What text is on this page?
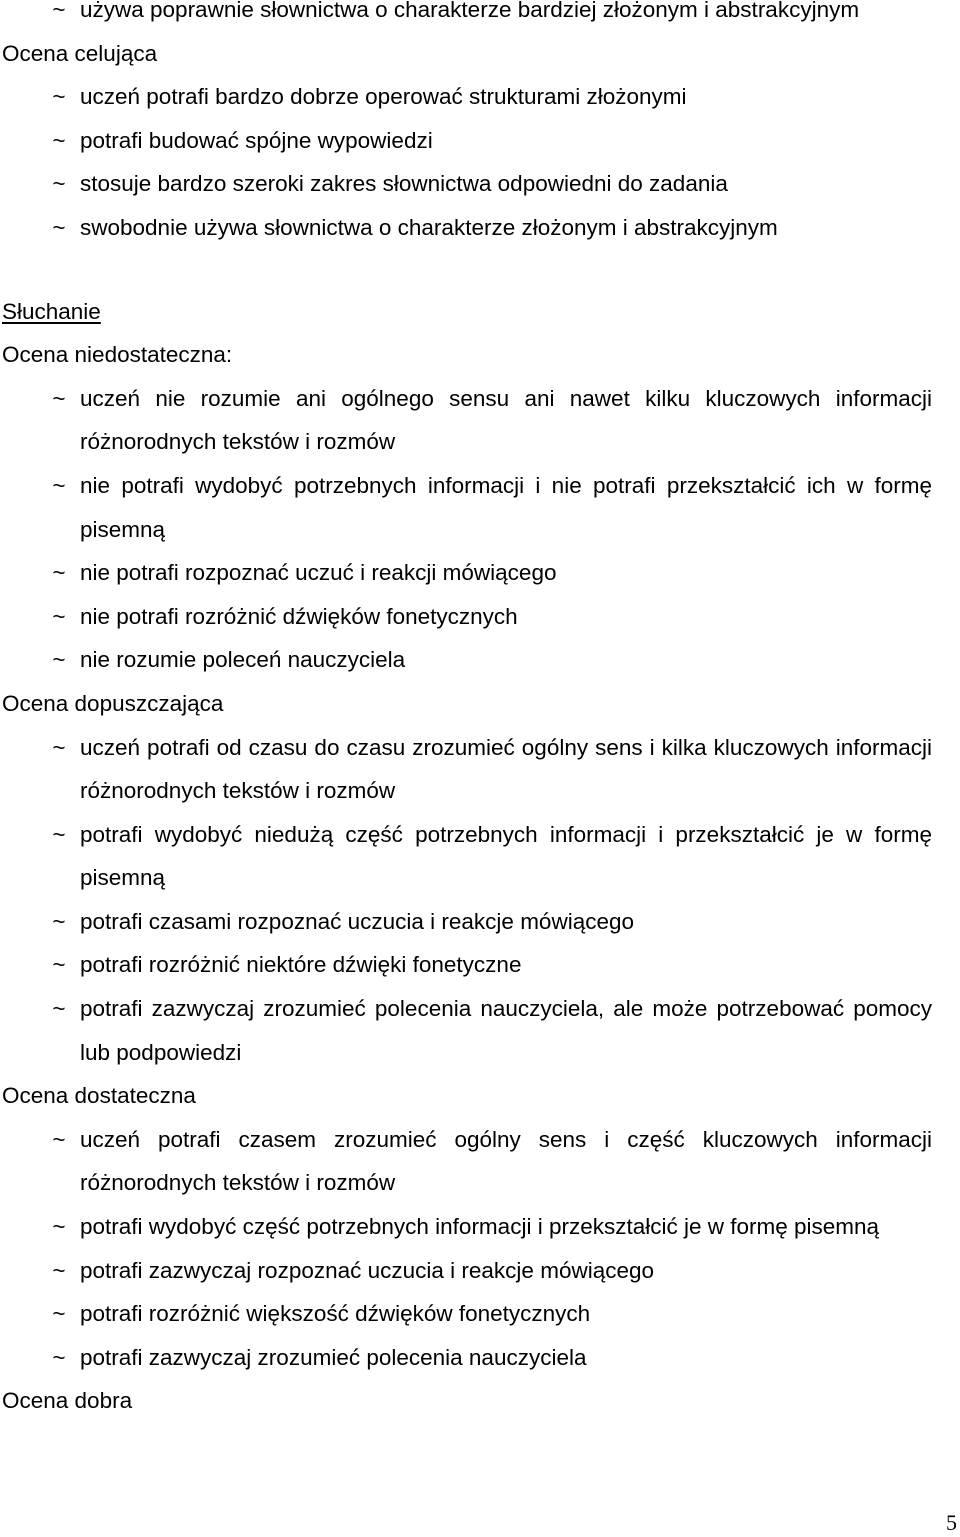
~ używa poprawnie słownictwa o charakterze bardziej złożonym i abstrakcyjnym
Ocena celująca
~ uczeń potrafi bardzo dobrze operować strukturami złożonymi
~ potrafi budować spójne wypowiedzi
~ stosuje bardzo szeroki zakres słownictwa odpowiedni do zadania
~ swobodnie używa słownictwa o charakterze złożonym i abstrakcyjnym
Słuchanie
Ocena niedostateczna:
~ uczeń nie rozumie ani ogólnego sensu ani nawet kilku kluczowych informacji różnorodnych tekstów i rozmów
~ nie potrafi wydobyć potrzebnych informacji i nie potrafi przekształcić ich w formę pisemną
~ nie potrafi rozpoznać uczuć i reakcji mówiącego
~ nie potrafi rozróżnić dźwięków fonetycznych
~ nie rozumie poleceń nauczyciela
Ocena dopuszczająca
~ uczeń potrafi od czasu do czasu zrozumieć ogólny sens i kilka kluczowych informacji różnorodnych tekstów i rozmów
~ potrafi wydobyć niedużą część potrzebnych informacji i przekształcić je w formę pisemną
~ potrafi czasami rozpoznać uczucia i reakcje mówiącego
~ potrafi rozróżnić niektóre dźwięki fonetyczne
~ potrafi zazwyczaj zrozumieć polecenia nauczyciela, ale może potrzebować pomocy lub podpowiedzi
Ocena dostateczna
~ uczeń potrafi czasem zrozumieć ogólny sens i część kluczowych informacji różnorodnych tekstów i rozmów
~ potrafi wydobyć część potrzebnych informacji i przekształcić je w formę pisemną
~ potrafi zazwyczaj rozpoznać uczucia i reakcje mówiącego
~ potrafi rozróżnić większość dźwięków fonetycznych
~ potrafi zazwyczaj zrozumieć polecenia nauczyciela
Ocena dobra
5
